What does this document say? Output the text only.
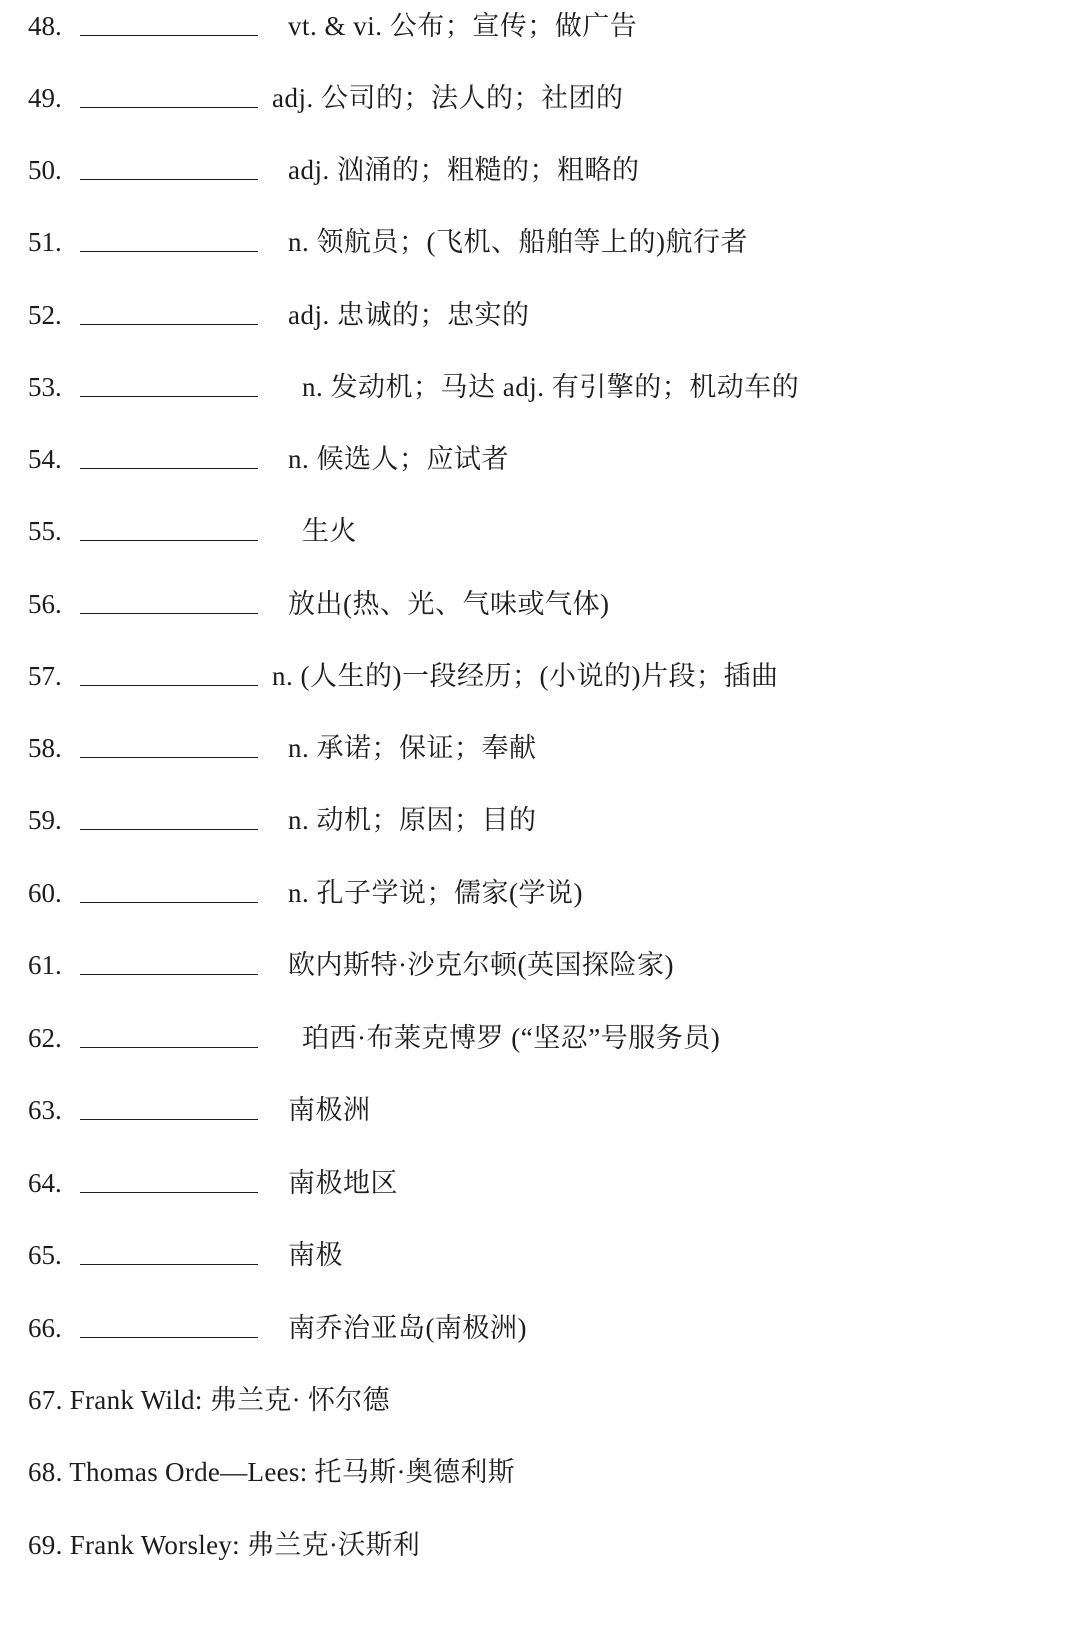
48.	vt. & vi. 公布；宣传；做广告
49.	adj. 公司的；法人的；社团的
50.	adj. 汹涌的；粗糙的；粗略的
51.	n. 领航员；(飞机、船舶等上的)航行者
52.	adj. 忠诚的；忠实的
53.	n. 发动机；马达 adj. 有引擎的；机动车的
54.	n. 候选人；应试者
55.	生火
56.	放出(热、光、气味或气体)
57.	n. (人生的)一段经历；(小说的)片段；插曲
58.	n. 承诺；保证；奉献
59.	n. 动机；原因；目的
60.	n. 孔子学说；儒家(学说)
61.	欧内斯特·沙克尔顿(英国探险家)
62.	珀西·布莱克博罗 (“坚忍”号服务员)
63.	南极洲
64.	南极地区
65.	南极
66.	南乔治亚岛(南极洲)
67. Frank Wild: 弗兰克· 怀尔德
68. Thomas Orde—Lees: 托马斯·奥德利斯
69. Frank Worsley: 弗兰克·沃斯利
